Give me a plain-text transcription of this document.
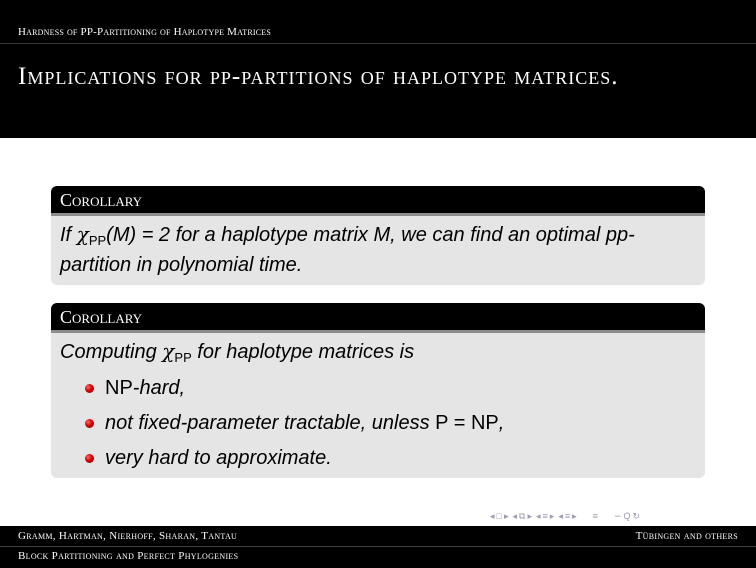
Hardness of PP-Partitioning of Haplotype Matrices
Implications for pp-partitions of haplotype matrices.
Corollary
If $\chi_{PP}(M) = 2$ for a haplotype matrix M, we can find an optimal pp-partition in polynomial time.
Corollary
Computing $\chi_{PP}$ for haplotype matrices is
NP-hard,
not fixed-parameter tractable, unless P = NP,
very hard to approximate.
◂ □ ▸ ◂ ⧉ ▸ ◂ ≡ ▸ ◂ ≡ ▸ ≡ ∽ Q ↻
Gramm, Hartman, Nierhoff, Sharan, Tantau	Tübingen and others
Block Partitioning and Perfect Phylogenies
